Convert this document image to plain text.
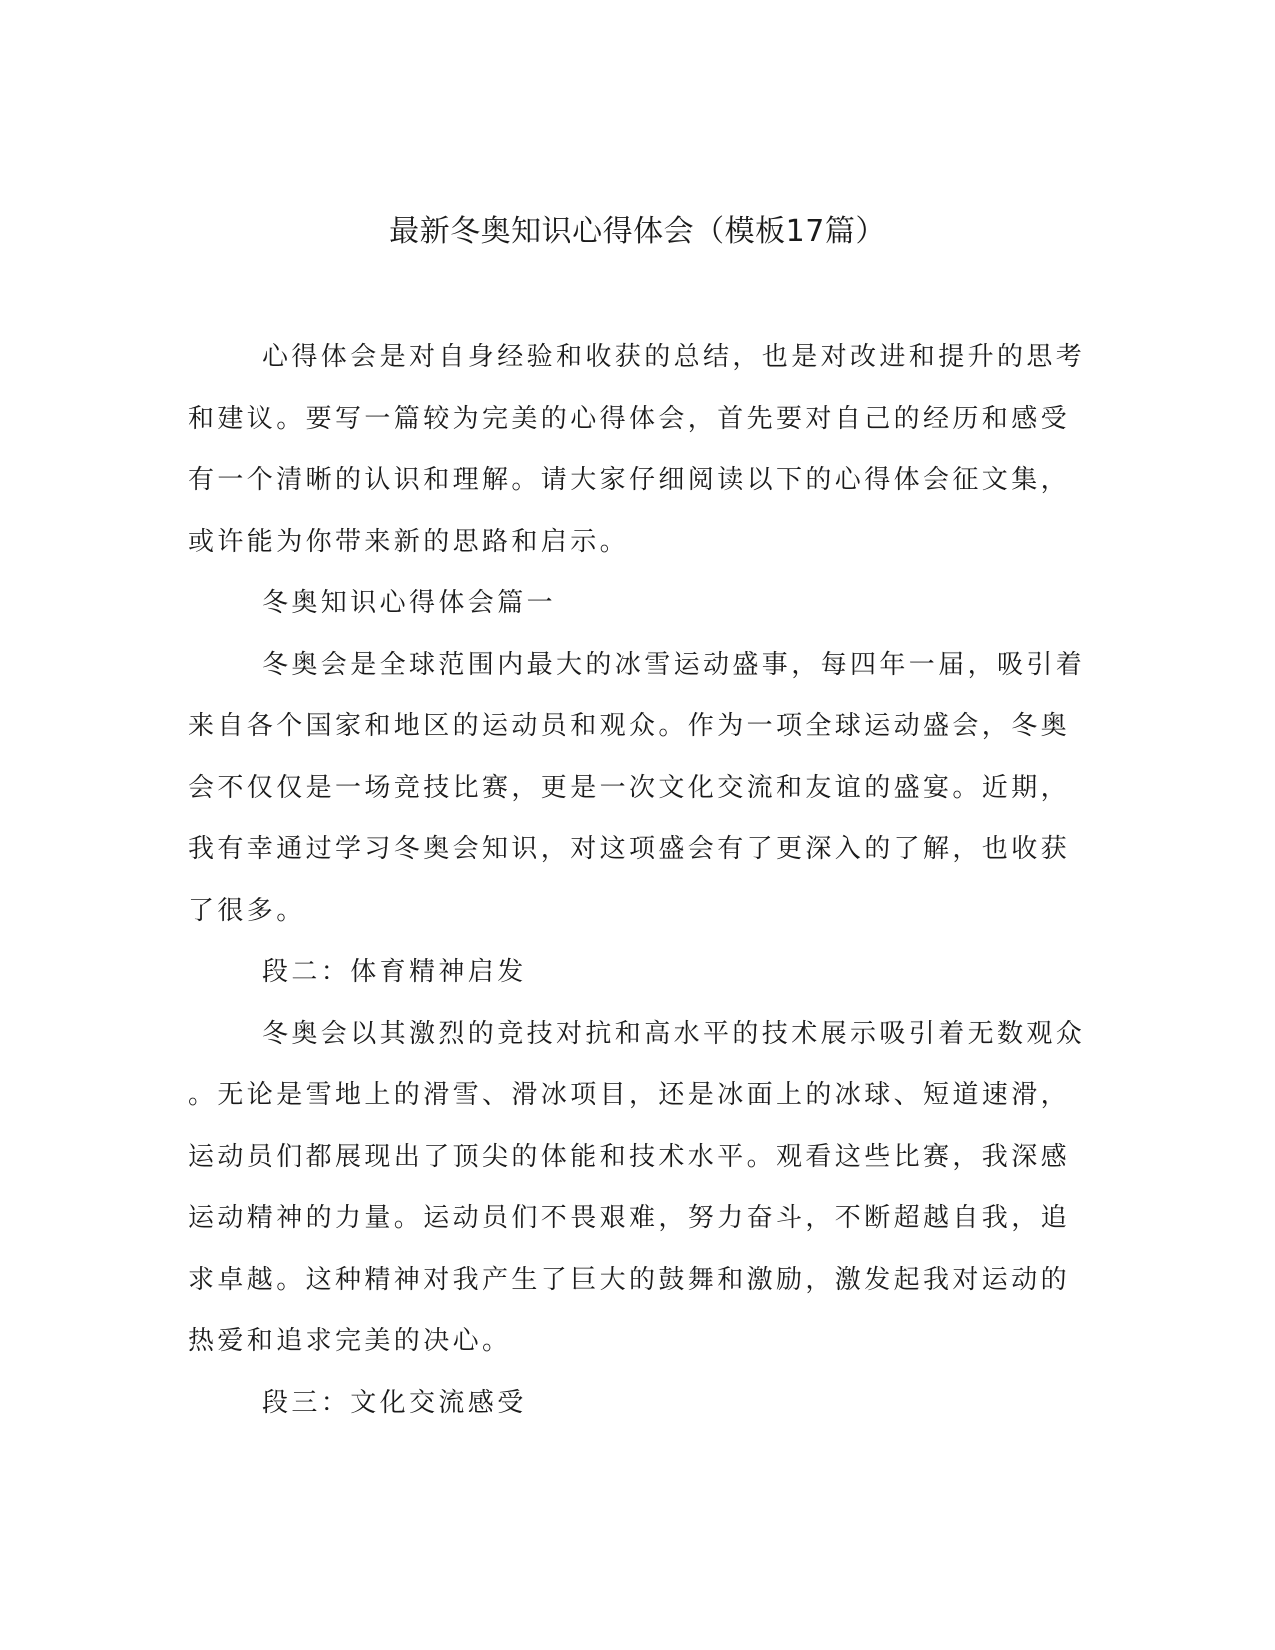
最新冬奥知识心得体会（模板17篇）

心得体会是对自身经验和收获的总结，也是对改进和提升的思考
和建议。要写一篇较为完美的心得体会，首先要对自己的经历和感受
有一个清晰的认识和理解。请大家仔细阅读以下的心得体会征文集，
或许能为你带来新的思路和启示。

冬奥知识心得体会篇一

冬奥会是全球范围内最大的冰雪运动盛事，每四年一届，吸引着
来自各个国家和地区的运动员和观众。作为一项全球运动盛会，冬奥
会不仅仅是一场竞技比赛，更是一次文化交流和友谊的盛宴。近期，
我有幸通过学习冬奥会知识，对这项盛会有了更深入的了解，也收获
了很多。

段二：体育精神启发

冬奥会以其激烈的竞技对抗和高水平的技术展示吸引着无数观众
。无论是雪地上的滑雪、滑冰项目，还是冰面上的冰球、短道速滑，
运动员们都展现出了顶尖的体能和技术水平。观看这些比赛，我深感
运动精神的力量。运动员们不畏艰难，努力奋斗，不断超越自我，追
求卓越。这种精神对我产生了巨大的鼓舞和激励，激发起我对运动的
热爱和追求完美的决心。

段三：文化交流感受
